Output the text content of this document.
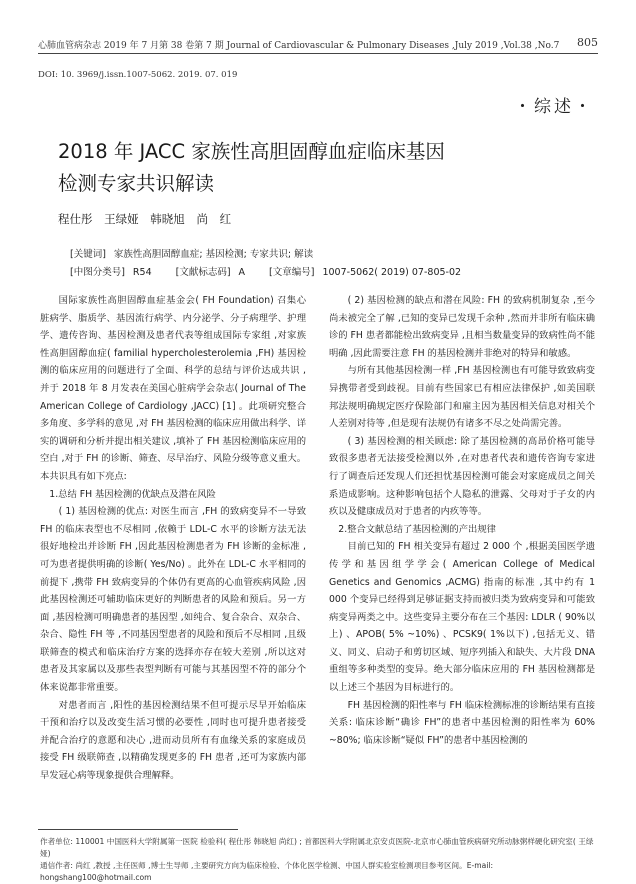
心肺血管病杂志 2019 年 7 月第 38 卷第 7 期 Journal of Cardiovascular & Pulmonary Diseases ,July 2019 ,Vol.38 ,No.7 805
DOI: 10. 3969/j.issn.1007-5062. 2019. 07. 019
・综述・
2018 年 JACC 家族性高胆固醇血症临床基因
检测专家共识解读
程仕彤 王绿娅 韩晓旭 尚 红
[关键词] 家族性高胆固醇血症; 基因检测; 专家共识; 解读
[中图分类号] R54	[文献标志码] A	[文章编号] 1007-5062( 2019) 07-805-02

国际家族性高胆固醇血症基金会( FH Foundation) 召集心脏病学、脂质学、基因流行病学、内分泌学、分子病理学、护理学、遗传咨询、基因检测及患者代表等组成国际专家组 ,对家族性高胆固醇血症( familial hypercholesterolemia ,FH) 基因检测的临床应用的问题进行了全面、科学的总结与评价达成共识 ,并于 2018 年 8 月发表在美国心脏病学会杂志( Journal of The American College of Cardiology ,JACC) [1] 。此项研究整合多角度、多学科的意见 ,对 FH 基因检测的临床应用做出科学、详实的调研和分析并提出相关建议 ,填补了 FH 基因检测临床应用的空白 ,对于 FH 的诊断、筛查、尽早治疗、风险分级等意义重大。本共识具有如下亮点:

1.总结 FH 基因检测的优缺点及潜在风险

( 1) 基因检测的优点: 对医生而言 ,FH 的致病变异不一导致 FH 的临床表型也不尽相同 ,依赖于 LDL-C 水平的诊断方法无法很好地检出并诊断 FH ,因此基因检测患者为 FH 诊断的金标准 ,可为患者提供明确的诊断( Yes/No) 。此外在 LDL-C 水平相同的前提下 ,携带 FH 致病变异的个体仍有更高的心血管疾病风险 ,因此基因检测还可辅助临床更好的判断患者的风险和预后。另一方面 ,基因检测可明确患者的基因型 ,如纯合、复合杂合、双杂合、杂合、隐性 FH 等 ,不同基因型患者的风险和预后不尽相同 ,且级联筛查的模式和临床治疗方案的选择亦存在较大差别 ,所以这对患者及其家属以及那些表型判断有可能与其基因型不符的部分个体来说都非常重要。

对患者而言 ,阳性的基因检测结果不但可提示尽早开始临床干预和治疗以及改变生活习惯的必要性 ,同时也可提升患者接受并配合治疗的意愿和决心 ,进而动员所有有血缘关系的家庭成员接受 FH 级联筛查 ,以精确发现更多的 FH 患者 ,还可为家族内部早发冠心病等现象提供合理解释。

( 2) 基因检测的缺点和潜在风险: FH 的致病机制复杂 ,至今尚未被完全了解 ,已知的变异已发现千余种 ,然而并非所有临床确诊的 FH 患者都能检出致病变异 ,且相当数量变异的致病性尚不能明确 ,因此需要注意 FH 的基因检测并非绝对的特异和敏感。

与所有其他基因检测一样 ,FH 基因检测也有可能导致致病变异携带者受到歧视。目前有些国家已有相应法律保护 ,如美国联邦法规明确规定医疗保险部门和雇主因为基因相关信息对相关个人差别对待等 ,但是现有法规仍有诸多不尽之处尚需完善。

( 3) 基因检测的相关顾虑: 除了基因检测的高昂价格可能导致很多患者无法接受检测以外 ,在对患者代表和遗传咨询专家进行了调查后还发现人们还担忧基因检测可能会对家庭成员之间关系造成影响。这种影响包括个人隐私的泄露、父母对于子女的内疚以及健康成员对于患者的内疚等等。

2.整合文献总结了基因检测的产出规律

目前已知的 FH 相关变异有超过 2 000 个 ,根据美国医学遗传学和基因组学学会( American College of Medical Genetics and Genomics ,ACMG) 指南的标准 ,其中约有 1 000 个变异已经得到足够证据支持而被归类为致病变异和可能致病变异两类之中。这些变异主要分布在三个基因: LDLR ( 90%以上) 、APOB( 5% ~10%) 、PCSK9( 1%以下) ,包括无义、错义、同义、启动子和剪切区域、短序列插入和缺失、大片段 DNA 重组等多种类型的变异。绝大部分临床应用的 FH 基因检测都是以上述三个基因为目标进行的。

FH 基因检测的阳性率与 FH 临床检测标准的诊断结果有直接关系: 临床诊断“确诊 FH”的患者中基因检测的阳性率为 60% ~80%; 临床诊断“疑似 FH”的患者中基因检测的

作者单位: 110001 中国医科大学附属第一医院 检验科( 程仕彤 韩晓旭 尚红) ; 首都医科大学附属北京安贞医院-北京市心肺血管疾病研究所动脉粥样硬化研究室( 王绿娅)

通信作者: 尚红 ,教授 ,主任医师 ,博士生导师 ,主要研究方向为临床检验、个体化医学检测、中国人群实验室检测项目参考区间。E-mail: hongshang100@hotmail.com
